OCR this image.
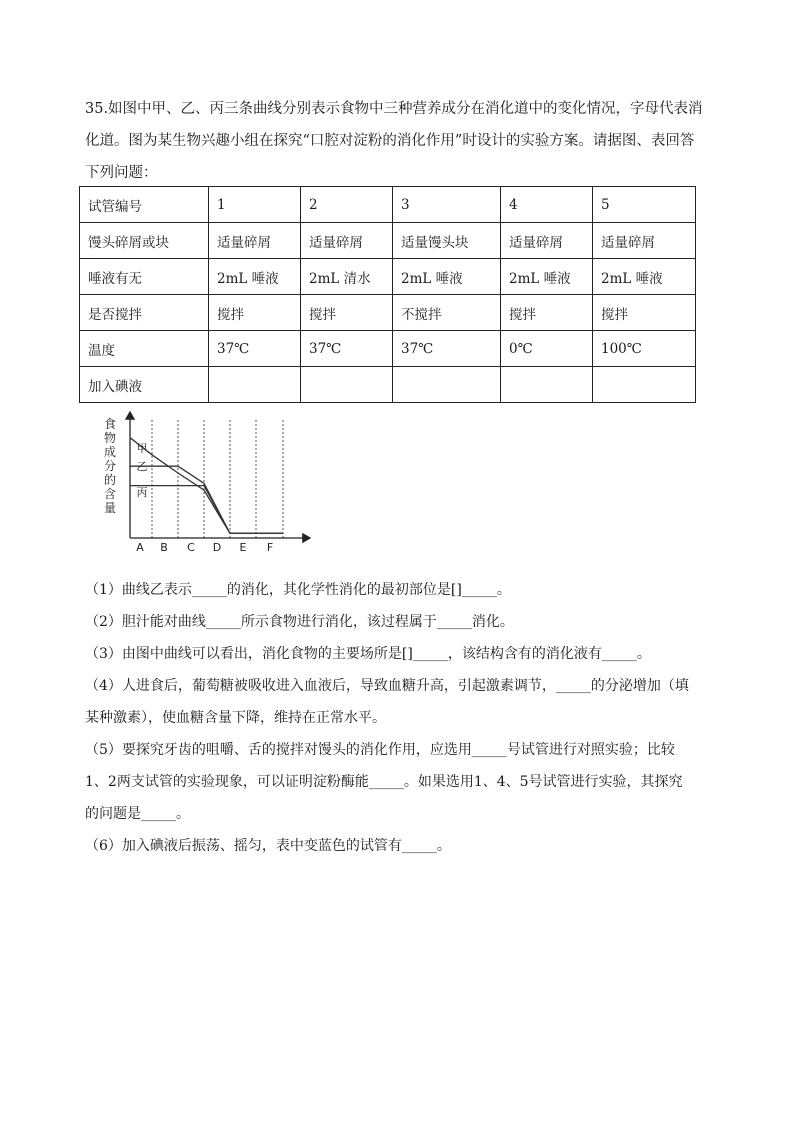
35.如图中甲、乙、丙三条曲线分别表示食物中三种营养成分在消化道中的变化情况，字母代表消
化道。图为某生物兴趣小组在探究“口腔对淀粉的消化作用”时设计的实验方案。请据图、表回答
下列问题：
试管编号	1	2	3	4	5
馒头碎屑或块	适量碎屑	适量碎屑	适量馒头块	适量碎屑	适量碎屑
唾液有无	2mL 唾液	2mL 清水	2mL 唾液	2mL 唾液	2mL 唾液
是否搅拌	搅拌	搅拌	不搅拌	搅拌	搅拌
温度	37℃	37℃	37℃	0℃	100℃
加入碘液					
食
物
成
分
的
含
量
A B C D E F
甲
乙
丙

（1）曲线乙表示_____的消化，其化学性消化的最初部位是[]_____。

（2）胆汁能对曲线_____所示食物进行消化，该过程属于_____消化。

（3）由图中曲线可以看出，消化食物的主要场所是[]_____，该结构含有的消化液有_____。

（4）人进食后，葡萄糖被吸收进入血液后，导致血糖升高，引起激素调节，_____的分泌增加（填

某种激素），使血糖含量下降，维持在正常水平。

（5）要探究牙齿的咀嚼、舌的搅拌对馒头的消化作用，应选用_____号试管进行对照实验；比较

1、2两支试管的实验现象，可以证明淀粉酶能_____。如果选用1、4、5号试管进行实验，其探究

的问题是_____。

（6）加入碘液后振荡、摇匀，表中变蓝色的试管有_____。
